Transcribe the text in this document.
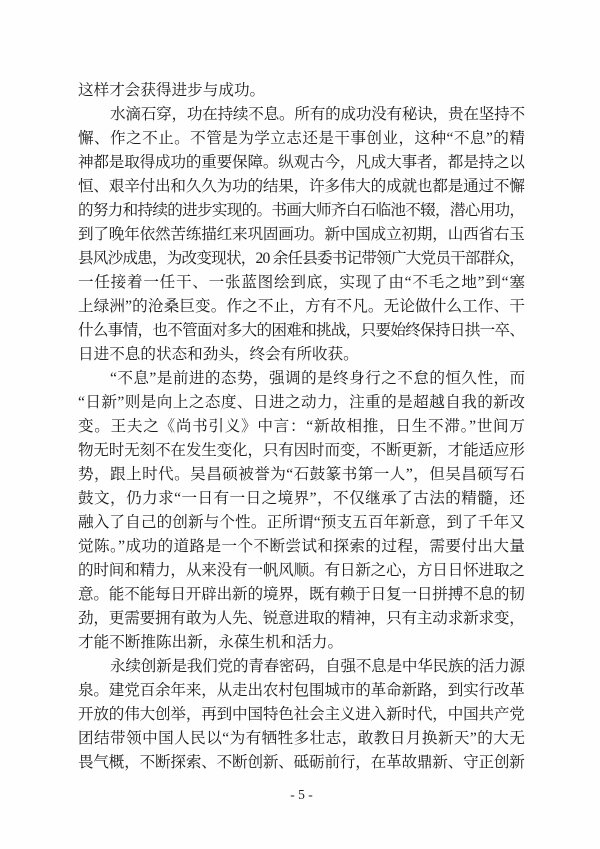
这样才会获得进步与成功。
水滴石穿，功在持续不息。所有的成功没有秘诀，贵在坚持不
懈、作之不止。不管是为学立志还是干事创业，这种“不息”的精
神都是取得成功的重要保障。纵观古今，凡成大事者，都是持之以
恒、艰辛付出和久久为功的结果，许多伟大的成就也都是通过不懈
的努力和持续的进步实现的。书画大师齐白石临池不辍，潜心用功，
到了晚年依然苦练描红来巩固画功。新中国成立初期，山西省右玉
县风沙成患，为改变现状，20 余任县委书记带领广大党员干部群众，
一任接着一任干、一张蓝图绘到底，实现了由“不毛之地”到“塞
上绿洲”的沧桑巨变。作之不止，方有不凡。无论做什么工作、干
什么事情，也不管面对多大的困难和挑战，只要始终保持日拱一卒、
日进不息的状态和劲头，终会有所收获。
“不息”是前进的态势，强调的是终身行之不怠的恒久性，而
“日新”则是向上之态度、日进之动力，注重的是超越自我的新改
变。王夫之《尚书引义》中言：“新故相推，日生不滞。”世间万
物无时无刻不在发生变化，只有因时而变，不断更新，才能适应形
势，跟上时代。吴昌硕被誉为“石鼓篆书第一人”，但吴昌硕写石
鼓文，仍力求“一日有一日之境界”，不仅继承了古法的精髓，还
融入了自己的创新与个性。正所谓“预支五百年新意，到了千年又
觉陈。”成功的道路是一个不断尝试和探索的过程，需要付出大量
的时间和精力，从来没有一帆风顺。有日新之心，方日日怀进取之
意。能不能每日开辟出新的境界，既有赖于日复一日拼搏不息的韧
劲，更需要拥有敢为人先、锐意进取的精神，只有主动求新求变，
才能不断推陈出新，永葆生机和活力。
永续创新是我们党的青春密码，自强不息是中华民族的活力源
泉。建党百余年来，从走出农村包围城市的革命新路，到实行改革
开放的伟大创举，再到中国特色社会主义进入新时代，中国共产党
团结带领中国人民以“为有牺牲多壮志，敢教日月换新天”的大无
畏气概，不断探索、不断创新、砥砺前行，在革故鼎新、守正创新
- 5 -
